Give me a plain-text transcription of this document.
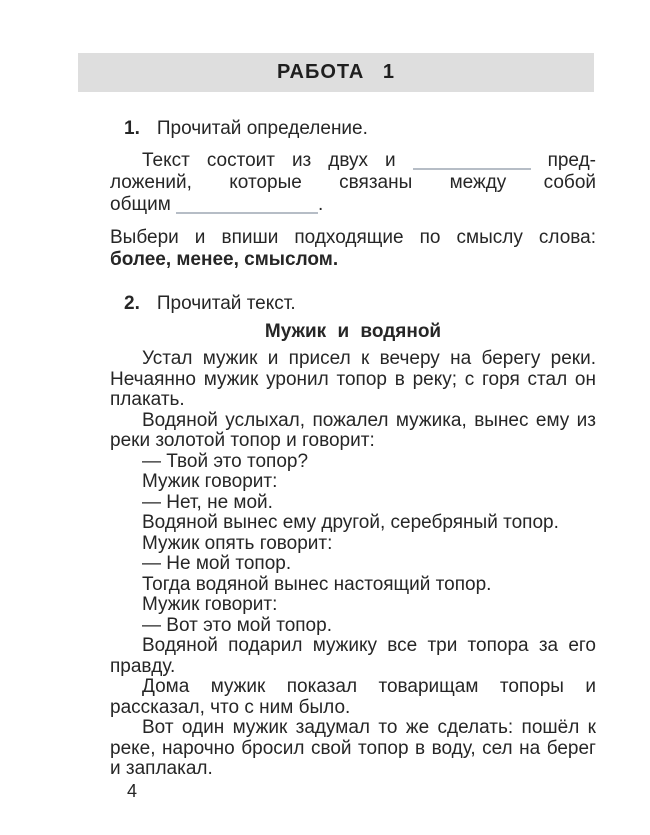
РАБОТА 1
1. Прочитай определение.
Текст состоит из двух и	пред-
ложений, которые связаны между собой
общим	.
Выбери и впиши подходящие по смыслу слова:
более, менее, смыслом.
2. Прочитай текст.
Мужик и водяной

Устал мужик и присел к вечеру на берегу реки. Нечаянно мужик уронил топор в реку; с горя стал он плакать.

Водяной услыхал, пожалел мужика, вынес ему из реки золотой топор и говорит:

— Твой это топор?

Мужик говорит:

— Нет, не мой.

Водяной вынес ему другой, серебряный топор.

Мужик опять говорит:

— Не мой топор.

Тогда водяной вынес настоящий топор.

Мужик говорит:

— Вот это мой топор.

Водяной подарил мужику все три топора за его правду.

Дома мужик показал товарищам топоры и рассказал, что с ним было.

Вот один мужик задумал то же сделать: пошёл к реке, нарочно бросил свой топор в воду, сел на берег и заплакал.

4
